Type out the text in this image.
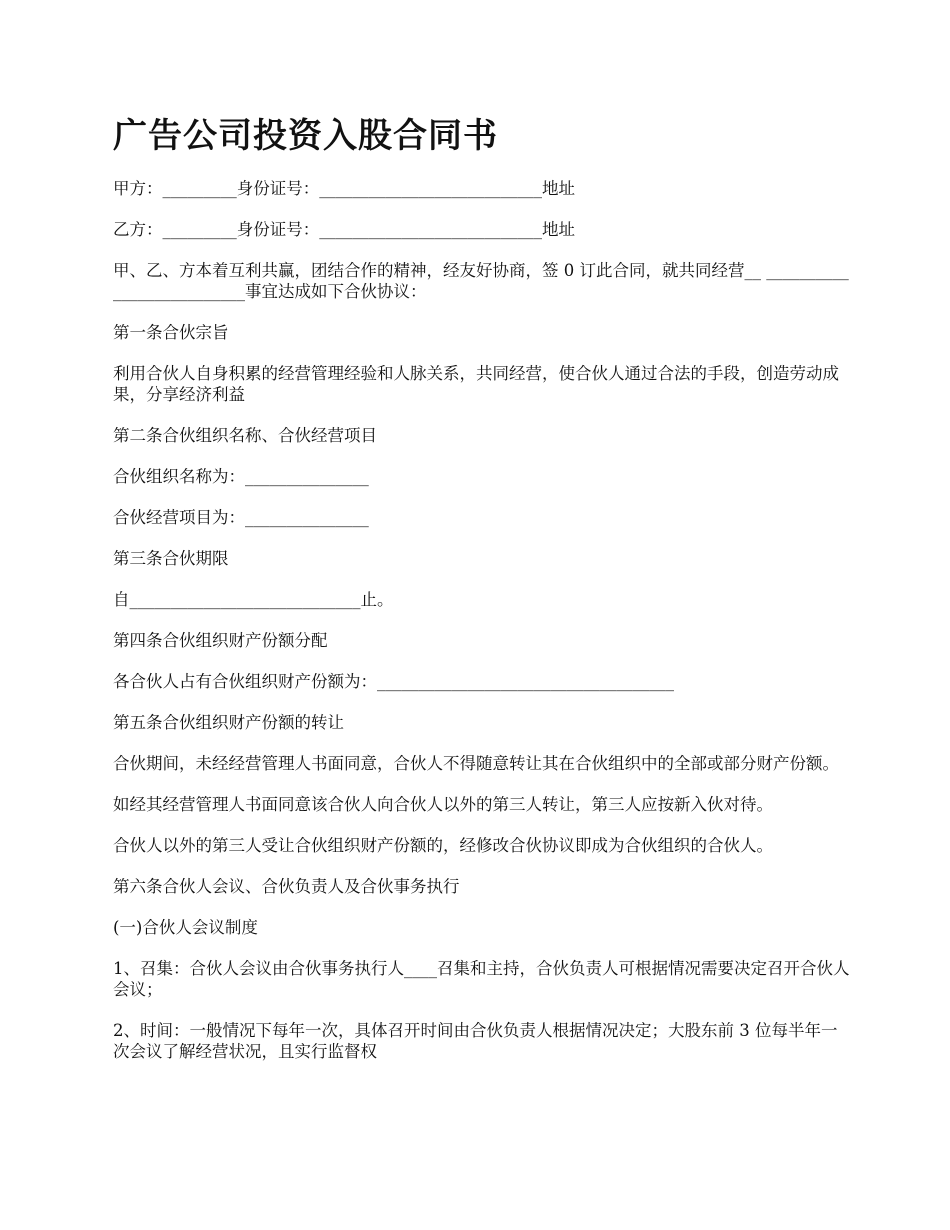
广告公司投资入股合同书

甲方：_________身份证号：___________________________地址

乙方：_________身份证号：___________________________地址

甲、乙、方本着互利共赢，团结合作的精神，经友好协商，签 0 订此合同，就共同经营__ __________________________事宜达成如下合伙协议：

第一条合伙宗旨

利用合伙人自身积累的经营管理经验和人脉关系，共同经营，使合伙人通过合法的手段，创造劳动成果，分享经济利益

第二条合伙组织名称、合伙经营项目

合伙组织名称为：_______________

合伙经营项目为：_______________

第三条合伙期限

自____________________________止。

第四条合伙组织财产份额分配

各合伙人占有合伙组织财产份额为：____________________________________

第五条合伙组织财产份额的转让

合伙期间，未经经营管理人书面同意，合伙人不得随意转让其在合伙组织中的全部或部分财产份额。

如经其经营管理人书面同意该合伙人向合伙人以外的第三人转让，第三人应按新入伙对待。

合伙人以外的第三人受让合伙组织财产份额的，经修改合伙协议即成为合伙组织的合伙人。

第六条合伙人会议、合伙负责人及合伙事务执行

(一)合伙人会议制度

1、召集：合伙人会议由合伙事务执行人____召集和主持，合伙负责人可根据情况需要决定召开合伙人会议；

2、时间：一般情况下每年一次，具体召开时间由合伙负责人根据情况决定；大股东前 3 位每半年一次会议了解经营状况，且实行监督权
